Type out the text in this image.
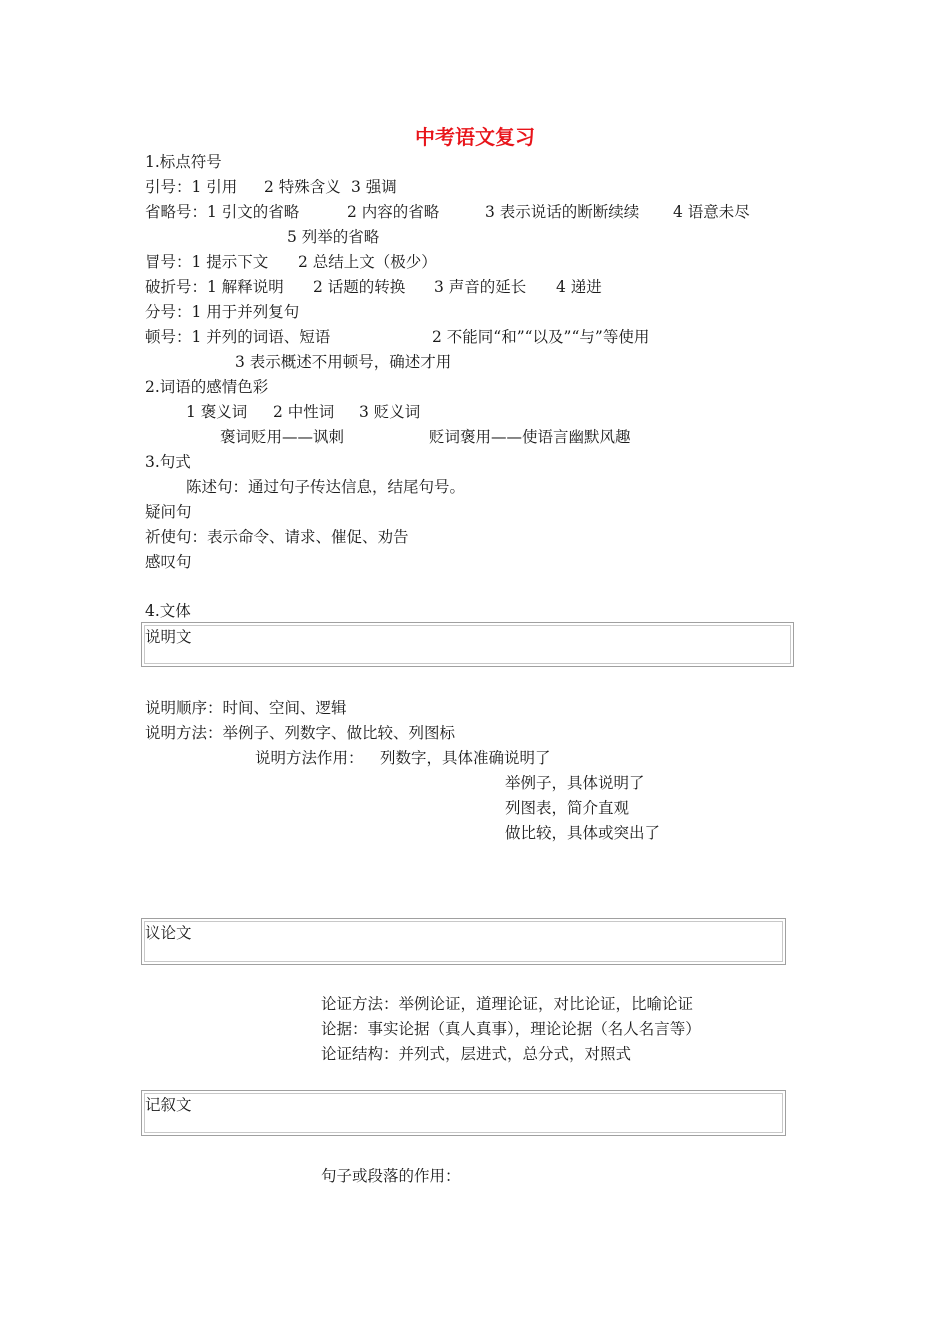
中考语文复习
1.标点符号
引号：1 引用 2 特殊含义 3 强调
省略号：1 引文的省略	2 内容的省略	3 表示说话的断断续续 4 语意未尽
5 列举的省略
冒号：1 提示下文 2 总结上文（极少）
破折号：1 解释说明 2 话题的转换 3 声音的延长 4 递进
分号：1 用于并列复句
顿号：1 并列的词语、短语	2 不能同“和”“以及”“与”等使用
3 表示概述不用顿号，确述才用
2.词语的感情色彩
1 褒义词 2 中性词 3 贬义词
褒词贬用——讽刺	贬词褒用——使语言幽默风趣
3.句式
陈述句：通过句子传达信息，结尾句号。
疑问句
祈使句：表示命令、请求、催促、劝告
感叹句
4.文体
说明文
说明顺序：时间、空间、逻辑
说明方法：举例子、列数字、做比较、列图标
说明方法作用： 列数字，具体准确说明了
举例子，具体说明了
列图表，简介直观
做比较，具体或突出了
议论文
论证方法：举例论证，道理论证，对比论证，比喻论证
论据：事实论据（真人真事），理论论据（名人名言等）
论证结构：并列式，层进式，总分式，对照式
记叙文
句子或段落的作用：
